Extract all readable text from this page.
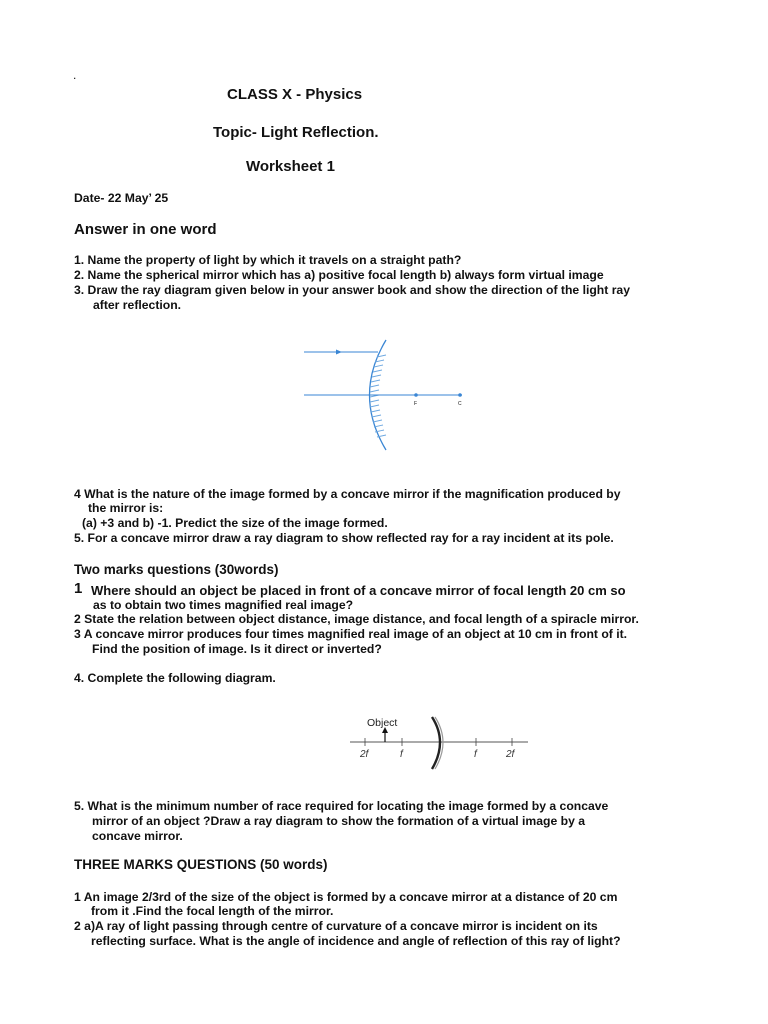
.
CLASS X - Physics
Topic- Light Reflection.
Worksheet 1
Date- 22 May’ 25
Answer in one word
1. Name the property of light by which it travels on a straight path?
2. Name the spherical mirror which has a) positive focal length b) always form virtual image
3. Draw the ray diagram given below in your answer book and show the direction of the light ray
after reflection.
F	C
4 What is the nature of the image formed by a concave mirror if the magnification produced by
the mirror is:
(a) +3 and b) -1. Predict the size of the image formed.
5. For a concave mirror draw a ray diagram to show reflected ray for a ray incident at its pole.
Two marks questions (30words)
1 Where should an object be placed in front of a concave mirror of focal length 20 cm so
as to obtain two times magnified real image?
2 State the relation between object distance, image distance, and focal length of a spiracle mirror.
3 A concave mirror produces four times magnified real image of an object at 10 cm in front of it.
Find the position of image. Is it direct or inverted?
4. Complete the following diagram.
Object
2f	f	f	2f
5. What is the minimum number of race required for locating the image formed by a concave
mirror of an object ?Draw a ray diagram to show the formation of a virtual image by a
concave mirror.
THREE MARKS QUESTIONS (50 words)
1 An image 2/3rd of the size of the object is formed by a concave mirror at a distance of 20 cm
from it .Find the focal length of the mirror.
2 a)A ray of light passing through centre of curvature of a concave mirror is incident on its
reflecting surface. What is the angle of incidence and angle of reflection of this ray of light?
